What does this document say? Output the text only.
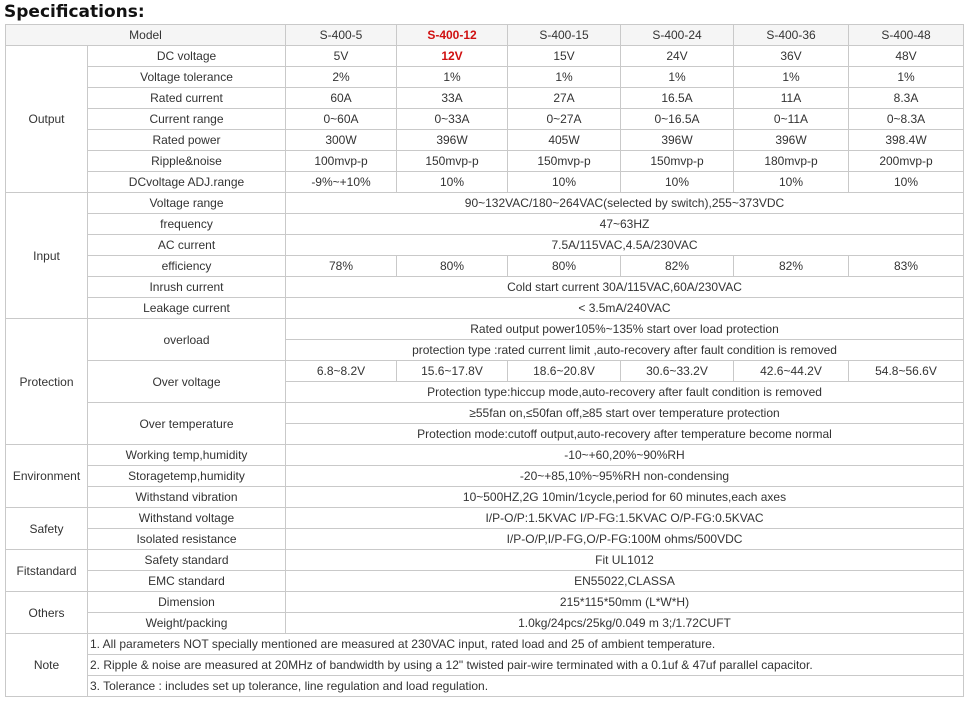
Specifications:
Model		S-400-5	S-400-12	S-400-15	S-400-24	S-400-36	S-400-48
Output	DC voltage	5V	12V	15V	24V	36V	48V
	Voltage tolerance	2%	1%	1%	1%	1%	1%
	Rated current	60A	33A	27A	16.5A	11A	8.3A
	Current range	0~60A	0~33A	0~27A	0~16.5A	0~11A	0~8.3A
	Rated power	300W	396W	405W	396W	396W	398.4W
	Ripple&noise	100mvp-p	150mvp-p	150mvp-p	150mvp-p	180mvp-p	200mvp-p
	DCvoltage ADJ.range	-9%~+10%	10%	10%	10%	10%	10%
Input	Voltage range	90~132VAC/180~264VAC(selected by switch),255~373VDC					
	frequency	47~63HZ					
	AC current	7.5A/115VAC,4.5A/230VAC					
	efficiency	78%	80%	80%	82%	82%	83%
	Inrush current	Cold start current 30A/115VAC,60A/230VAC					
	Leakage current	< 3.5mA/240VAC					
Protection	overload	Rated output power105%~135% start over load protection					
		protection type :rated current limit ,auto-recovery after fault condition is removed					
	Over voltage	6.8~8.2V	15.6~17.8V	18.6~20.8V	30.6~33.2V	42.6~44.2V	54.8~56.6V
		Protection type:hiccup mode,auto-recovery after fault condition is removed					
	Over temperature	≥55fan on,≤50fan off,≥85 start over temperature protection					
		Protection mode:cutoff output,auto-recovery after temperature become normal					
Environment	Working temp,humidity	-10~+60,20%~90%RH					
	Storagetemp,humidity	-20~+85,10%~95%RH non-condensing					
	Withstand vibration	10~500HZ,2G 10min/1cycle,period for 60 minutes,each axes					
Safety	Withstand voltage	I/P-O/P:1.5KVAC I/P-FG:1.5KVAC O/P-FG:0.5KVAC					
	Isolated resistance	I/P-O/P,I/P-FG,O/P-FG:100M ohms/500VDC					
Fitstandard	Safety standard	Fit UL1012					
	EMC standard	EN55022,CLASSA					
Others	Dimension	215*115*50mm (L*W*H)					
	Weight/packing	1.0kg/24pcs/25kg/0.049 m 3;/1.72CUFT					
Note	1. All parameters NOT specially mentioned are measured at 230VAC input, rated load and 25 of ambient temperature.						
	2. Ripple & noise are measured at 20MHz of bandwidth by using a 12" twisted pair-wire terminated with a 0.1uf & 47uf parallel capacitor.						
	3. Tolerance : includes set up tolerance, line regulation and load regulation.						
